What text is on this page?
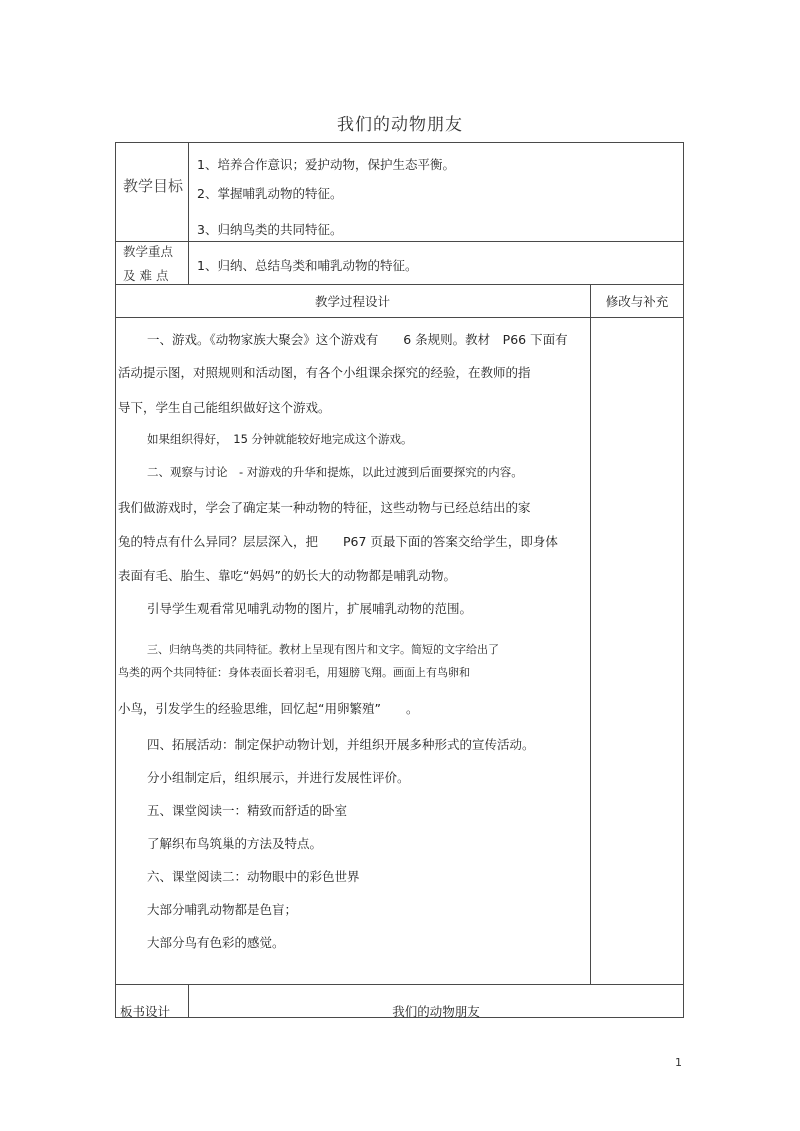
我们的动物朋友
教学目标
1、培养合作意识；爱护动物，保护生态平衡。
2、掌握哺乳动物的特征。
3、归纳鸟类的共同特征。
教学重点
及 难 点
1、归纳、总结鸟类和哺乳动物的特征。
教学过程设计	修改与补充
一、游戏。《动物家族大聚会》这个游戏有　　6 条规则。教材　P66 下面有
活动提示图，对照规则和活动图，有各个小组课余探究的经验，在教师的指
导下，学生自己能组织做好这个游戏。
如果组织得好，　15 分钟就能较好地完成这个游戏。
二、观察与讨论　- 对游戏的升华和提炼，以此过渡到后面要探究的内容。
我们做游戏时，学会了确定某一种动物的特征，这些动物与已经总结出的家
兔的特点有什么异同？层层深入，把　　P67 页最下面的答案交给学生，即身体
表面有毛、胎生、靠吃“妈妈”的奶长大的动物都是哺乳动物。
引导学生观看常见哺乳动物的图片，扩展哺乳动物的范围。
三、归纳鸟类的共同特征。教材上呈现有图片和文字。简短的文字给出了
鸟类的两个共同特征：身体表面长着羽毛，用翅膀飞翔。画面上有鸟卵和
小鸟，引发学生的经验思维，回忆起“用卵繁殖”　　。
四、拓展活动：制定保护动物计划，并组织开展多种形式的宣传活动。
分小组制定后，组织展示，并进行发展性评价。
五、课堂阅读一：精致而舒适的卧室
了解织布鸟筑巢的方法及特点。
六、课堂阅读二：动物眼中的彩色世界
大部分哺乳动物都是色盲；
大部分鸟有色彩的感觉。
板书设计	我们的动物朋友
1
